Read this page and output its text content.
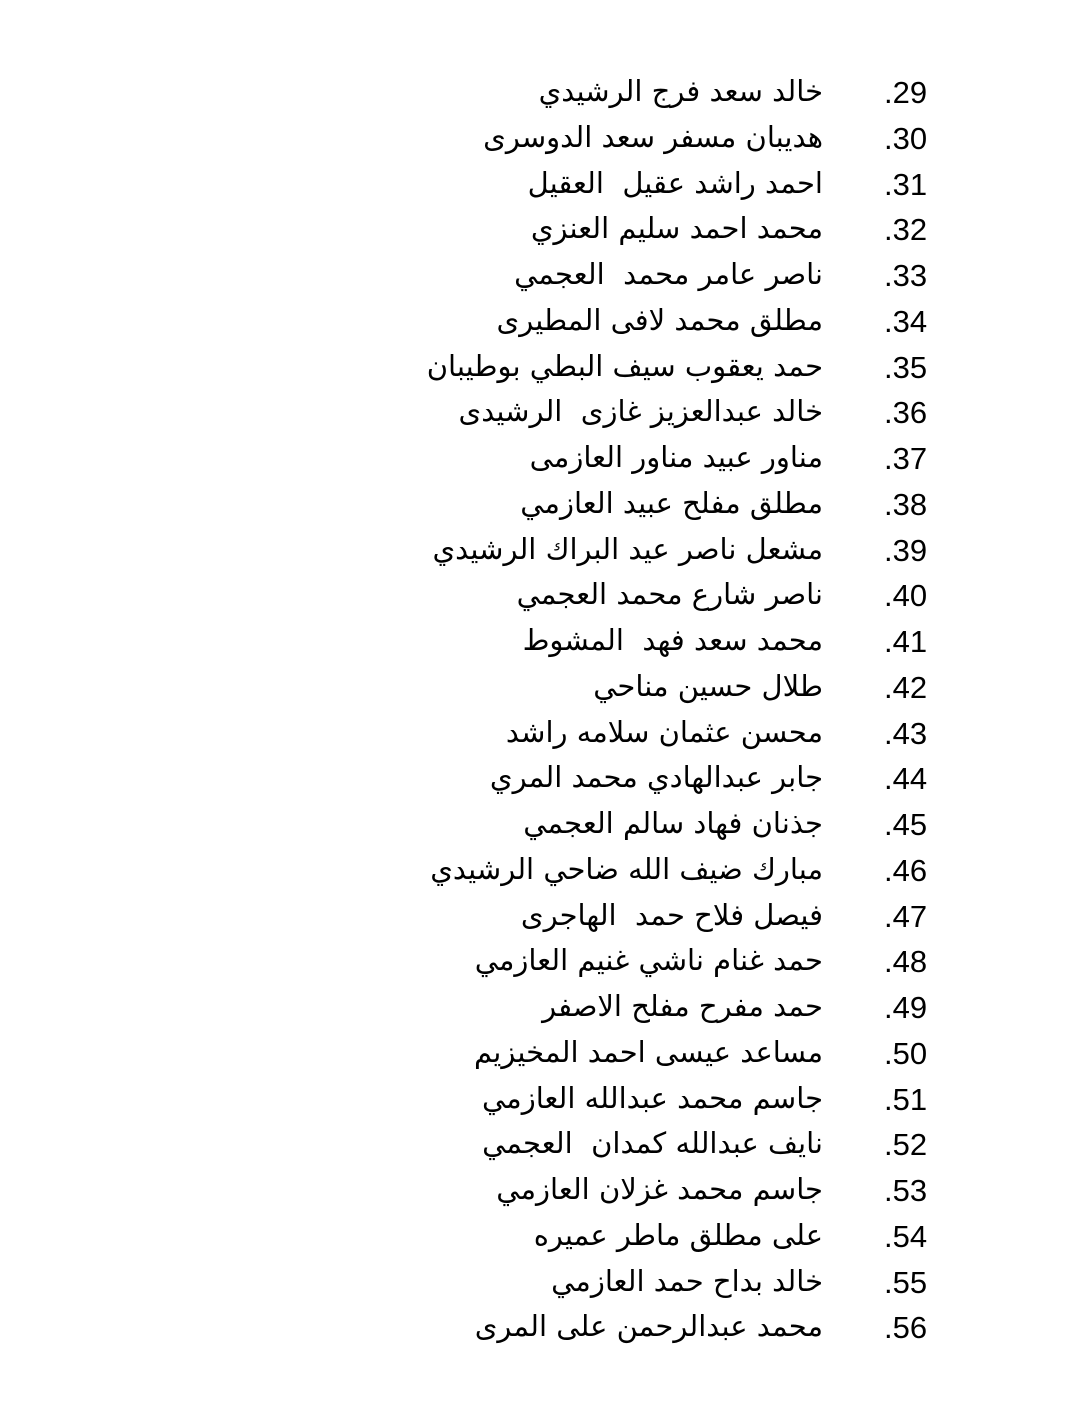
خالد سعد فرج الرشيدي .29
هديبان مسفر سعد الدوسرى .30
احمد راشد عقيل  العقيل .31
محمد احمد سليم العنزي .32
ناصر عامر محمد  العجمي .33
مطلق محمد لافى المطيرى .34
حمد يعقوب سيف البطي بوطيبان .35
خالد عبدالعزيز غازى  الرشيدى .36
مناور عبيد مناور العازمى .37
مطلق مفلح عبيد العازمي .38
مشعل ناصر عيد البراك الرشيدي .39
ناصر شارع محمد العجمي .40
محمد سعد فهد  المشوط .41
طلال حسين مناحي .42
محسن عثمان سلامه راشد .43
جابر عبدالهادي محمد المري .44
جذنان فهاد سالم العجمي .45
مبارك ضيف الله ضاحي الرشيدي .46
فيصل فلاح حمد  الهاجرى .47
حمد غنام ناشي غنيم العازمي .48
حمد مفرح مفلح الاصفر .49
مساعد عيسى احمد المخيزيم .50
جاسم محمد عبدالله العازمي .51
نايف عبدالله كمدان  العجمي .52
جاسم محمد غزلان العازمي .53
على مطلق ماطر عميره .54
خالد بداح حمد العازمي .55
محمد عبدالرحمن على المرى .56
